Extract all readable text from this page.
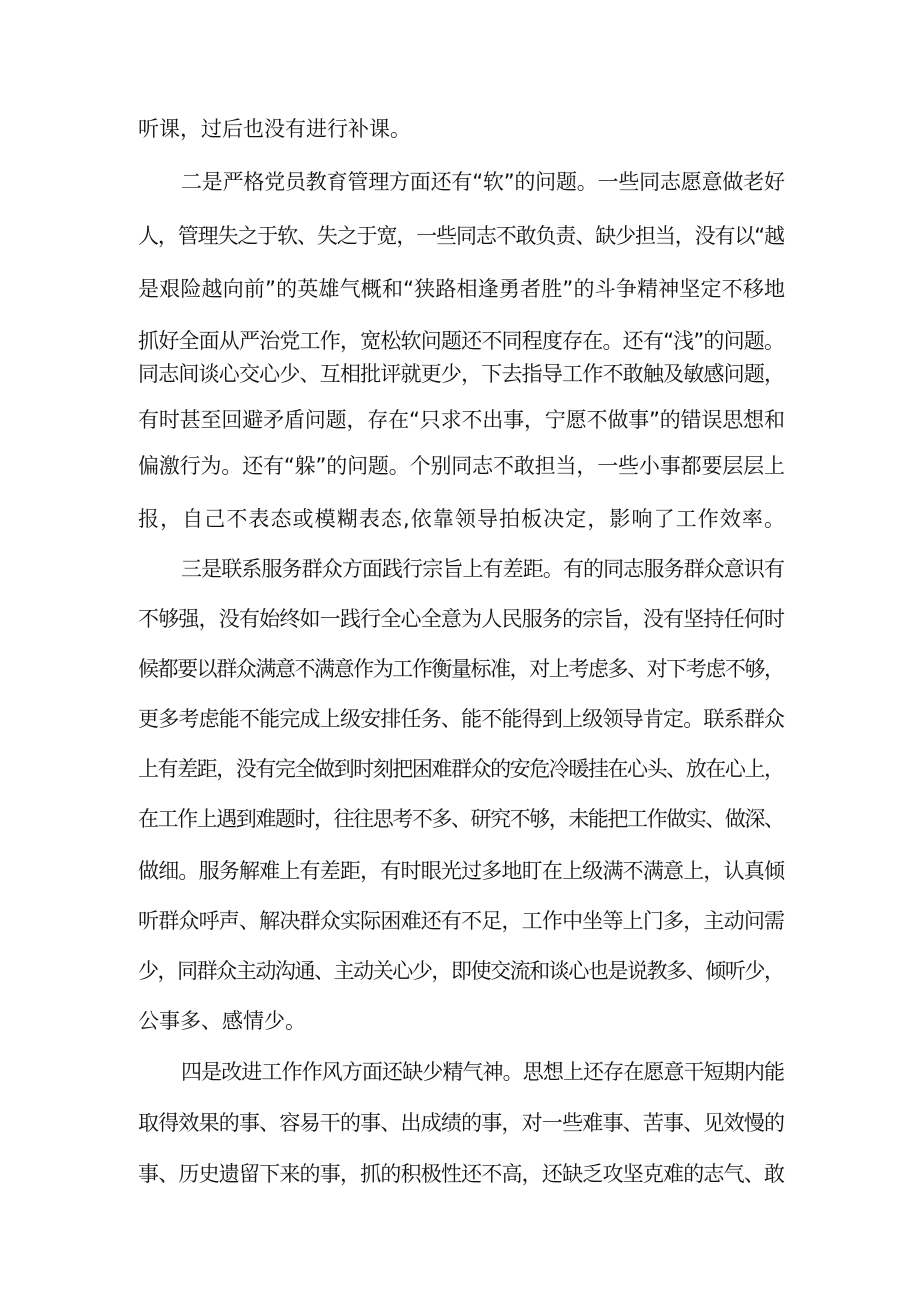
听课，过后也没有进行补课。
二是严格党员教育管理方面还有“软”的问题。一些同志愿意做老好
人，管理失之于软、失之于宽，一些同志不敢负责、缺少担当，没有以“越
是艰险越向前”的英雄气概和“狭路相逢勇者胜”的斗争精神坚定不移地
抓好全面从严治党工作，宽松软问题还不同程度存在。还有“浅”的问题。
同志间谈心交心少、互相批评就更少，下去指导工作不敢触及敏感问题，
有时甚至回避矛盾问题，存在“只求不出事，宁愿不做事”的错误思想和
偏激行为。还有“躲”的问题。个别同志不敢担当，一些小事都要层层上
报，自己不表态或模糊表态,依靠领导拍板决定，影响了工作效率。
三是联系服务群众方面践行宗旨上有差距。有的同志服务群众意识有
不够强，没有始终如一践行全心全意为人民服务的宗旨，没有坚持任何时
候都要以群众满意不满意作为工作衡量标准，对上考虑多、对下考虑不够，
更多考虑能不能完成上级安排任务、能不能得到上级领导肯定。联系群众
上有差距，没有完全做到时刻把困难群众的安危冷暖挂在心头、放在心上，
在工作上遇到难题时，往往思考不多、研究不够，未能把工作做实、做深、
做细。服务解难上有差距，有时眼光过多地盯在上级满不满意上，认真倾
听群众呼声、解决群众实际困难还有不足，工作中坐等上门多，主动问需
少，同群众主动沟通、主动关心少，即使交流和谈心也是说教多、倾听少，
公事多、感情少。
四是改进工作作风方面还缺少精气神。思想上还存在愿意干短期内能
取得效果的事、容易干的事、出成绩的事，对一些难事、苦事、见效慢的
事、历史遗留下来的事，抓的积极性还不高，还缺乏攻坚克难的志气、敢
